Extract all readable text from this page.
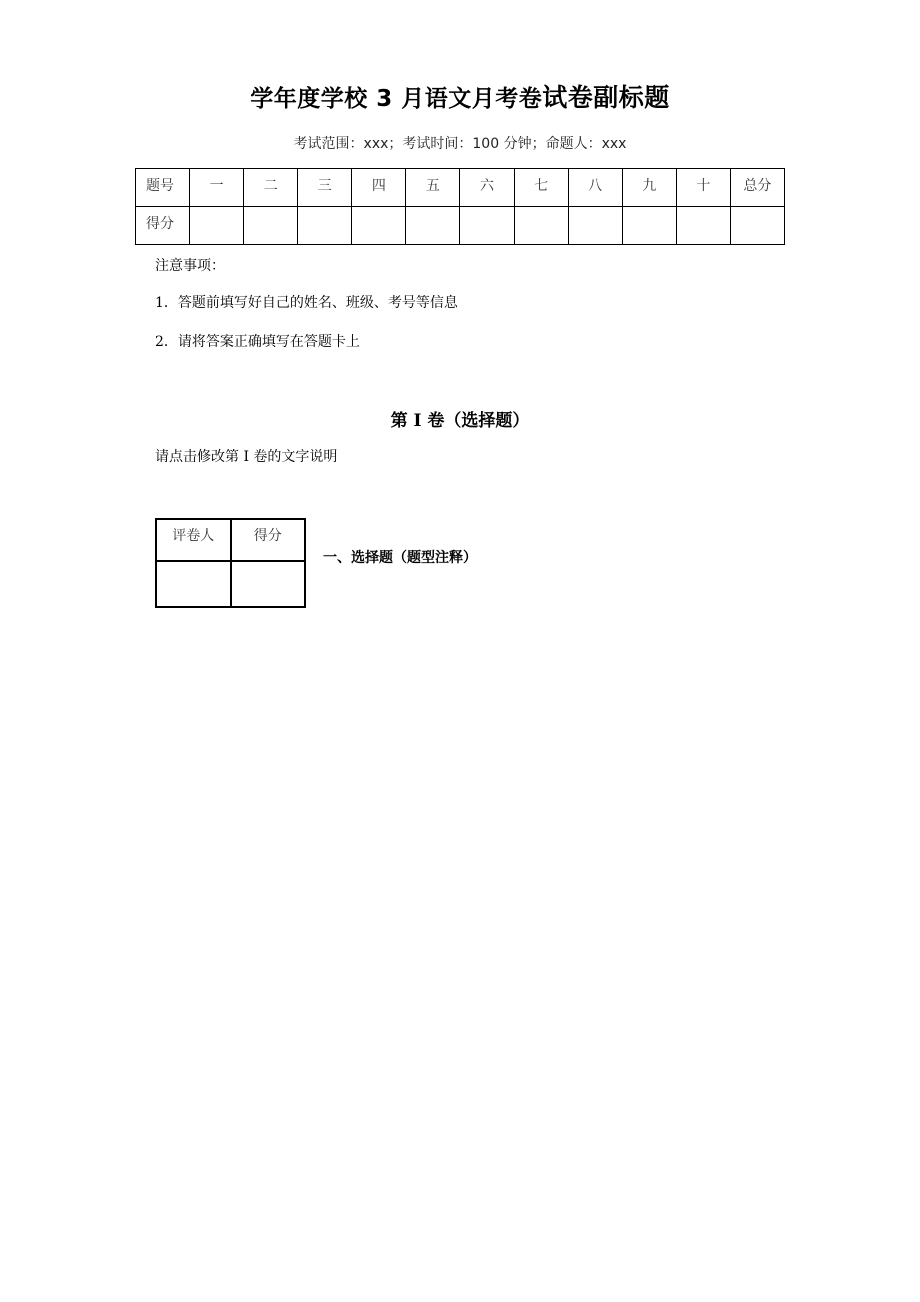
学年度学校 3 月语文月考卷试卷副标题
考试范围：xxx；考试时间：100 分钟；命题人：xxx
题号	一	二	三	四	五	六	七	八	九	十	总分
得分											
注意事项：
1．答题前填写好自己的姓名、班级、考号等信息
2．请将答案正确填写在答题卡上
第 I 卷（选择题）
请点击修改第 I 卷的文字说明
评卷人	得分

一、选择题（题型注释）
